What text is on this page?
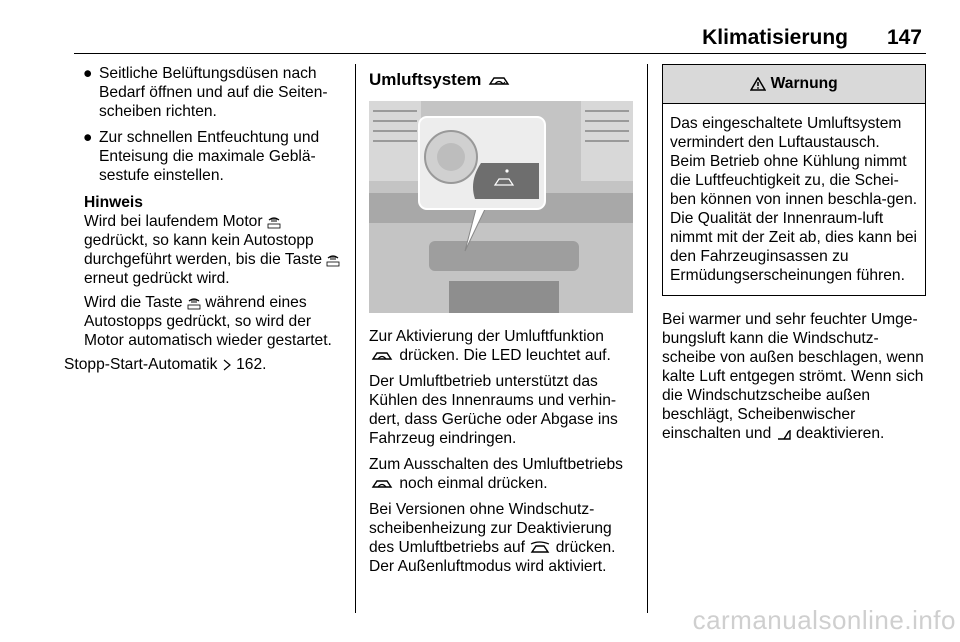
Klimatisierung 147
● Seitliche Belüftungsdüsen nach Bedarf öffnen und auf die Seiten-scheiben richten.
● Zur schnellen Entfeuchtung und Enteisung die maximale Geblä-sestufe einstellen.
Hinweis

Wird bei laufendem Motor  gedrückt, so kann kein Autostopp durchgeführt werden, bis die Taste  erneut gedrückt wird.

Wird die Taste während eines Autostopps gedrückt, so wird der Motor automatisch wieder gestartet.

Stopp-Start-Automatik 162.

Umluftsystem

Zur Aktivierung der Umluftfunktion  drücken. Die LED leuchtet auf.

Der Umluftbetrieb unterstützt das Kühlen des Innenraums und verhin-dert, dass Gerüche oder Abgase ins Fahrzeug eindringen.

Zum Ausschalten des Umluftbetriebs  noch einmal drücken.

Bei Versionen ohne Windschutz-scheibenheizung zur Deaktivierung des Umluftbetriebs auf drücken. Der Außenluftmodus wird aktiviert.

Warnung
Das eingeschaltete Umluftsystem vermindert den Luftaustausch. Beim Betrieb ohne Kühlung nimmt die Luftfeuchtigkeit zu, die Schei-ben können von innen beschla-gen. Die Qualität der Innenraum-luft nimmt mit der Zeit ab, dies kann bei den Fahrzeuginsassen zu Ermüdungserscheinungen führen.

Bei warmer und sehr feuchter Umge-bungsluft kann die Windschutz-scheibe von außen beschlagen, wenn kalte Luft entgegen strömt. Wenn sich die Windschutzscheibe außen beschlägt, Scheibenwischer einschalten und deaktivieren.

carmanualsonline.info
